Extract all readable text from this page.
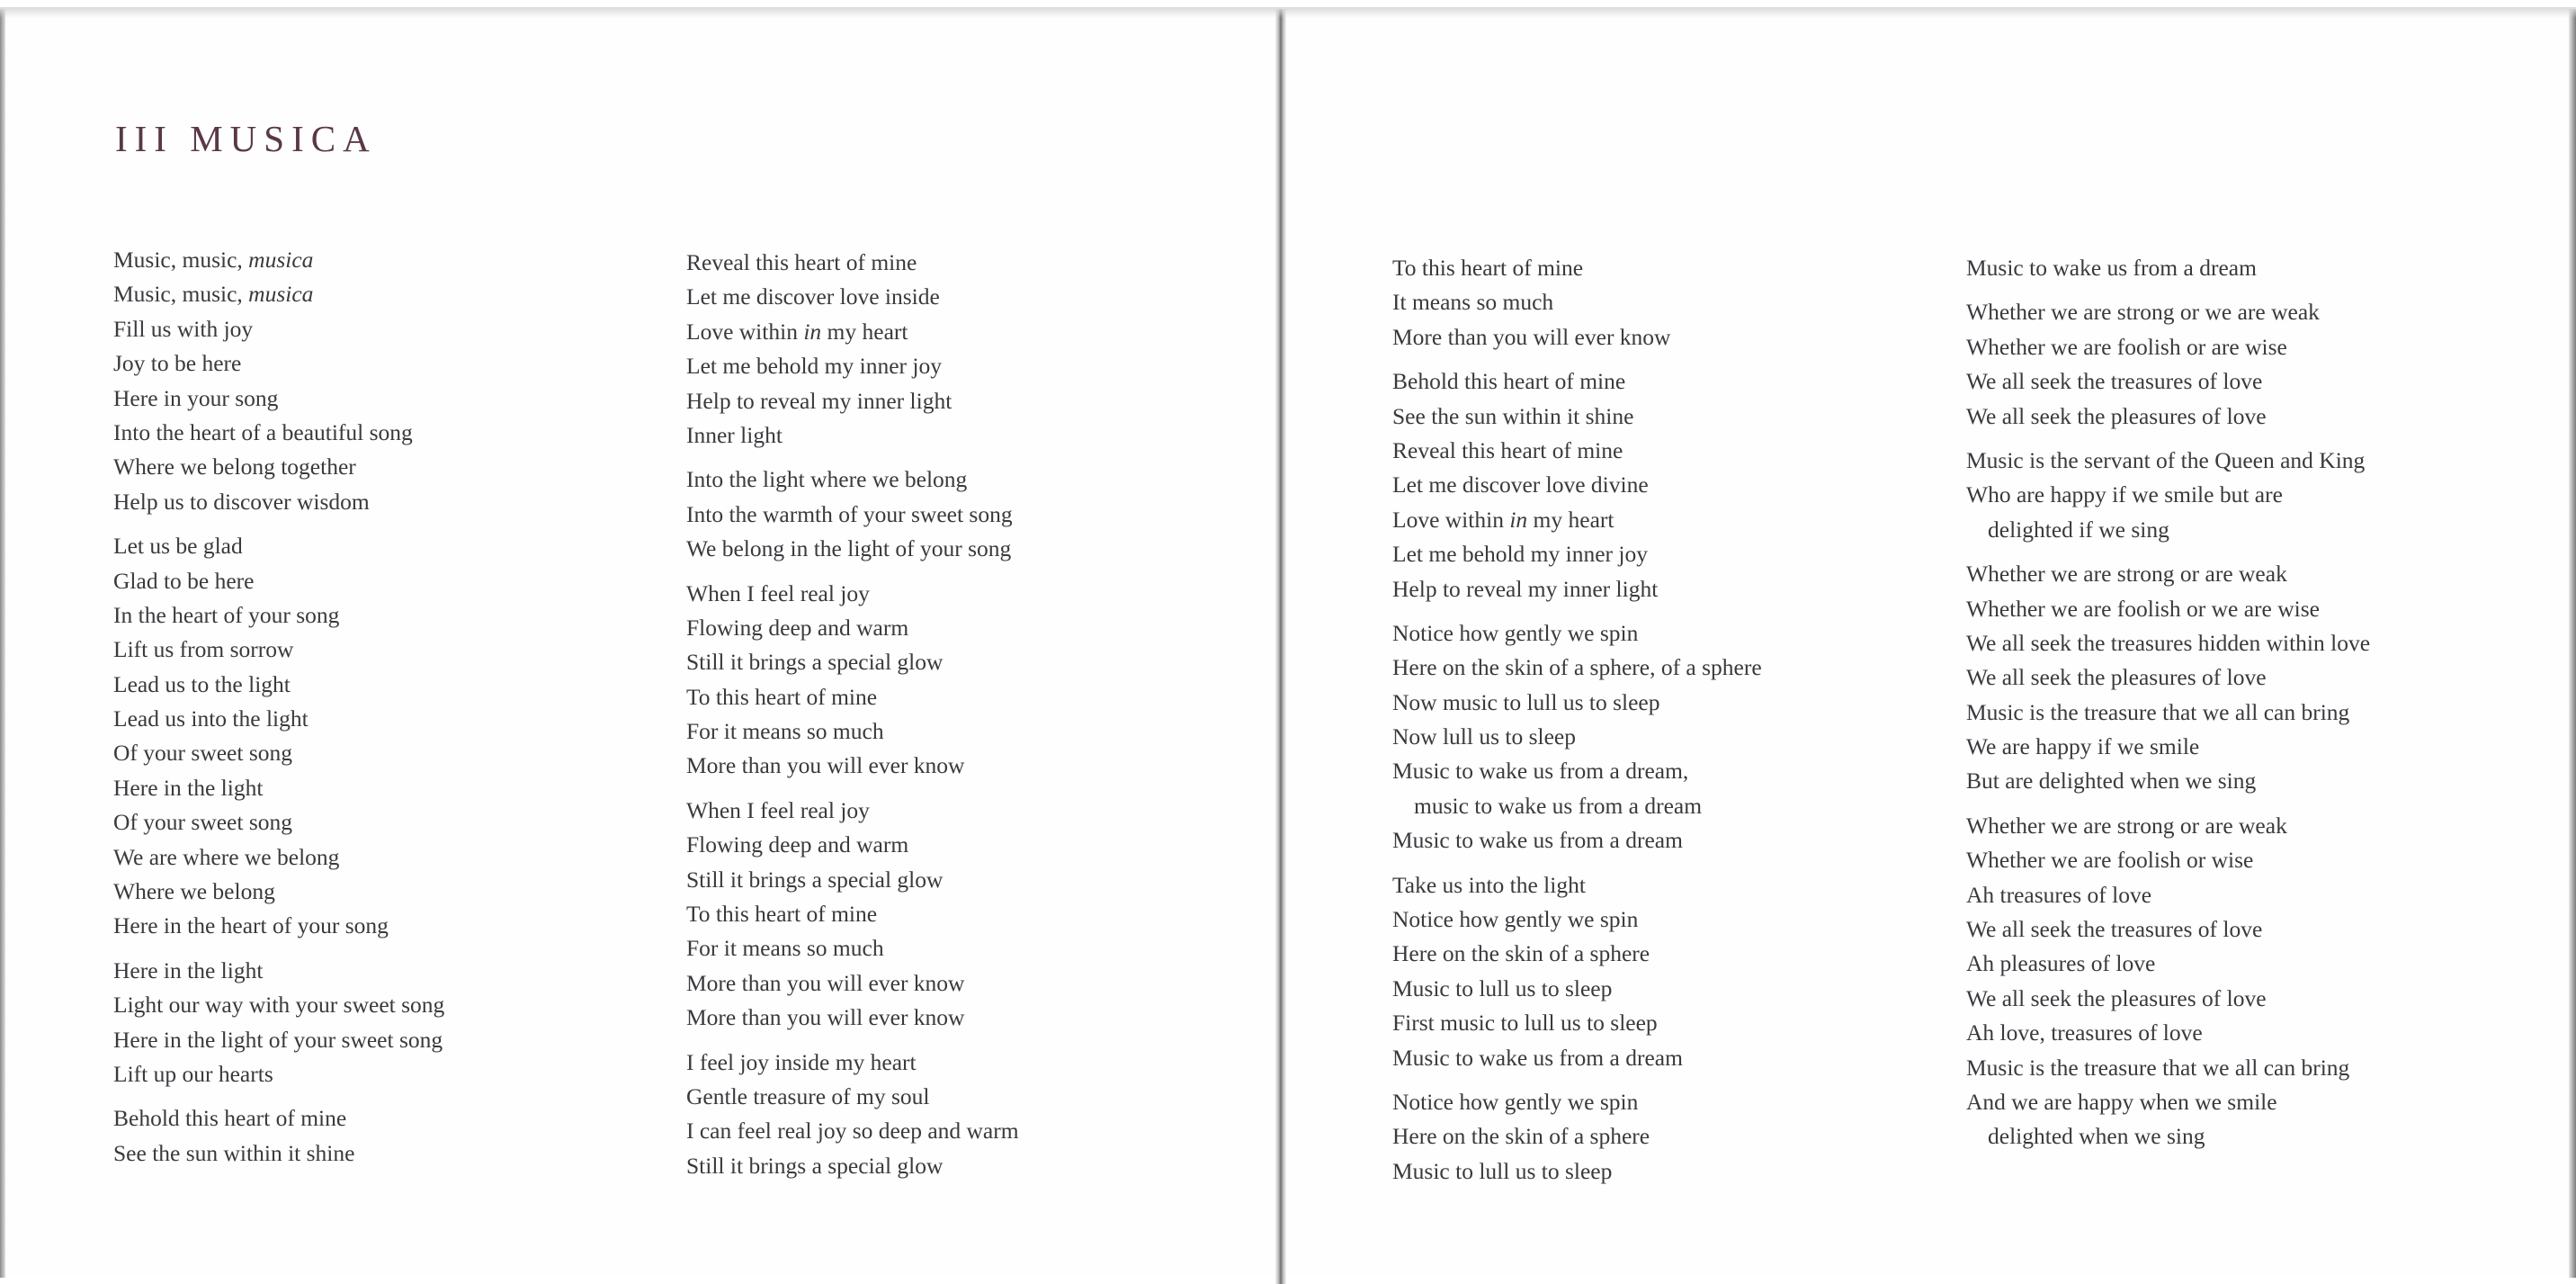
III MUSICA
Music, music, musica
Music, music, musica
Fill us with joy
Joy to be here
Here in your song
Into the heart of a beautiful song
Where we belong together
Help us to discover wisdom
Let us be glad
Glad to be here
In the heart of your song
Lift us from sorrow
Lead us to the light
Lead us into the light
Of your sweet song
Here in the light
Of your sweet song
We are where we belong
Where we belong
Here in the heart of your song
Here in the light
Light our way with your sweet song
Here in the light of your sweet song
Lift up our hearts
Behold this heart of mine
See the sun within it shine
Reveal this heart of mine
Let me discover love inside
Love within in my heart
Let me behold my inner joy
Help to reveal my inner light
Inner light
Into the light where we belong
Into the warmth of your sweet song
We belong in the light of your song
When I feel real joy
Flowing deep and warm
Still it brings a special glow
To this heart of mine
For it means so much
More than you will ever know
When I feel real joy
Flowing deep and warm
Still it brings a special glow
To this heart of mine
For it means so much
More than you will ever know
More than you will ever know
I feel joy inside my heart
Gentle treasure of my soul
I can feel real joy so deep and warm
Still it brings a special glow
To this heart of mine
It means so much
More than you will ever know
Behold this heart of mine
See the sun within it shine
Reveal this heart of mine
Let me discover love divine
Love within in my heart
Let me behold my inner joy
Help to reveal my inner light
Notice how gently we spin
Here on the skin of a sphere, of a sphere
Now music to lull us to sleep
Now lull us to sleep
Music to wake us from a dream,
music to wake us from a dream
Music to wake us from a dream
Take us into the light
Notice how gently we spin
Here on the skin of a sphere
Music to lull us to sleep
First music to lull us to sleep
Music to wake us from a dream
Notice how gently we spin
Here on the skin of a sphere
Music to lull us to sleep
Music to wake us from a dream
Whether we are strong or we are weak
Whether we are foolish or are wise
We all seek the treasures of love
We all seek the pleasures of love
Music is the servant of the Queen and King
Who are happy if we smile but are
delighted if we sing
Whether we are strong or are weak
Whether we are foolish or we are wise
We all seek the treasures hidden within love
We all seek the pleasures of love
Music is the treasure that we all can bring
We are happy if we smile
But are delighted when we sing
Whether we are strong or are weak
Whether we are foolish or wise
Ah treasures of love
We all seek the treasures of love
Ah pleasures of love
We all seek the pleasures of love
Ah love, treasures of love
Music is the treasure that we all can bring
And we are happy when we smile
delighted when we sing
